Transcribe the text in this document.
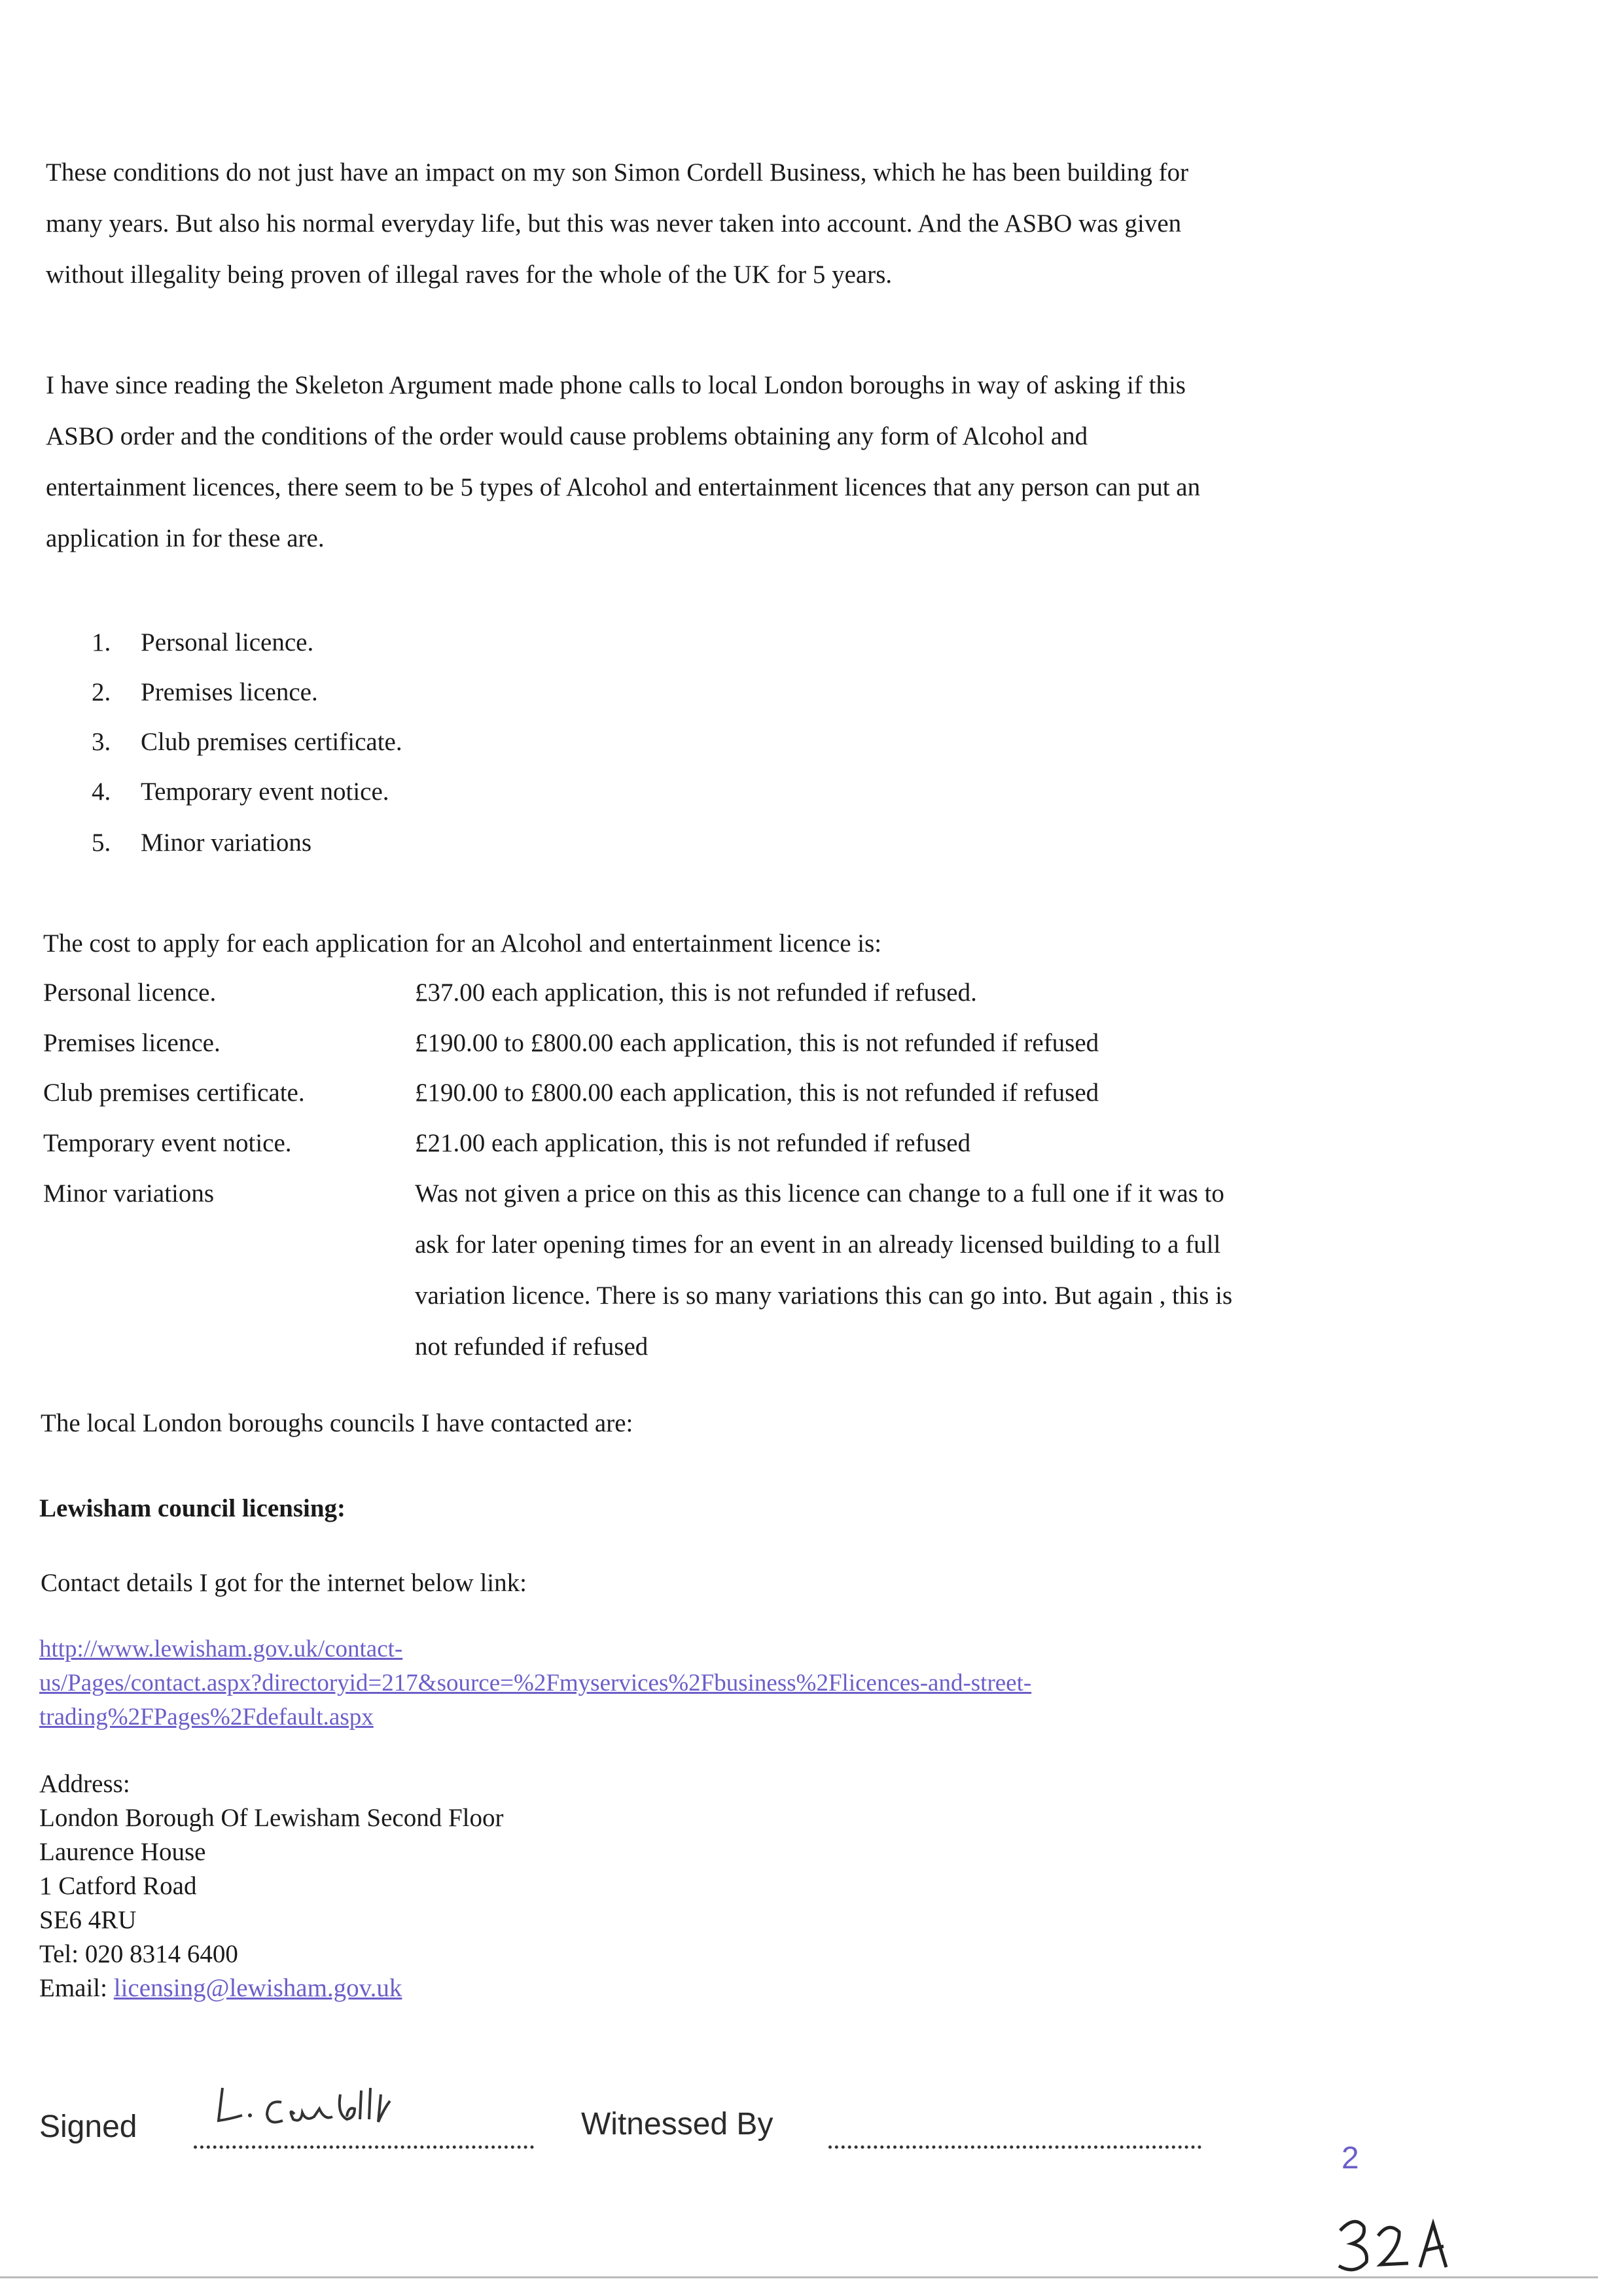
These conditions do not just have an impact on my son Simon Cordell Business, which he has been building for
many years. But also his normal everyday life, but this was never taken into account. And the ASBO was given
without illegality being proven of illegal raves for the whole of the UK for 5 years.
I have since reading the Skeleton Argument made phone calls to local London boroughs in way of asking if this
ASBO order and the conditions of the order would cause problems obtaining any form of Alcohol and
entertainment licences, there seem to be 5 types of Alcohol and entertainment licences that any person can put an
application in for these are.
1. Personal licence.
2. Premises licence.
3. Club premises certificate.
4. Temporary event notice.
5. Minor variations
The cost to apply for each application for an Alcohol and entertainment licence is:
Personal licence.	£37.00 each application, this is not refunded if refused.
Premises licence.	£190.00 to £800.00 each application, this is not refunded if refused
Club premises certificate.	£190.00 to £800.00 each application, this is not refunded if refused
Temporary event notice.	£21.00 each application, this is not refunded if refused
Minor variations	Was not given a price on this as this licence can change to a full one if it was to
ask for later opening times for an event in an already licensed building to a full
variation licence. There is so many variations this can go into. But again , this is
not refunded if refused
The local London boroughs councils I have contacted are:
Lewisham council licensing:
Contact details I got for the internet below link:
http://www.lewisham.gov.uk/contact-
us/Pages/contact.aspx?directoryid=217&source=%2Fmyservices%2Fbusiness%2Flicences-and-street-
trading%2FPages%2Fdefault.aspx
Address:
London Borough Of Lewisham Second Floor
Laurence House
1 Catford Road
SE6 4RU
Tel: 020 8314 6400
Email: licensing@lewisham.gov.uk
Signed	Witnessed By
2
